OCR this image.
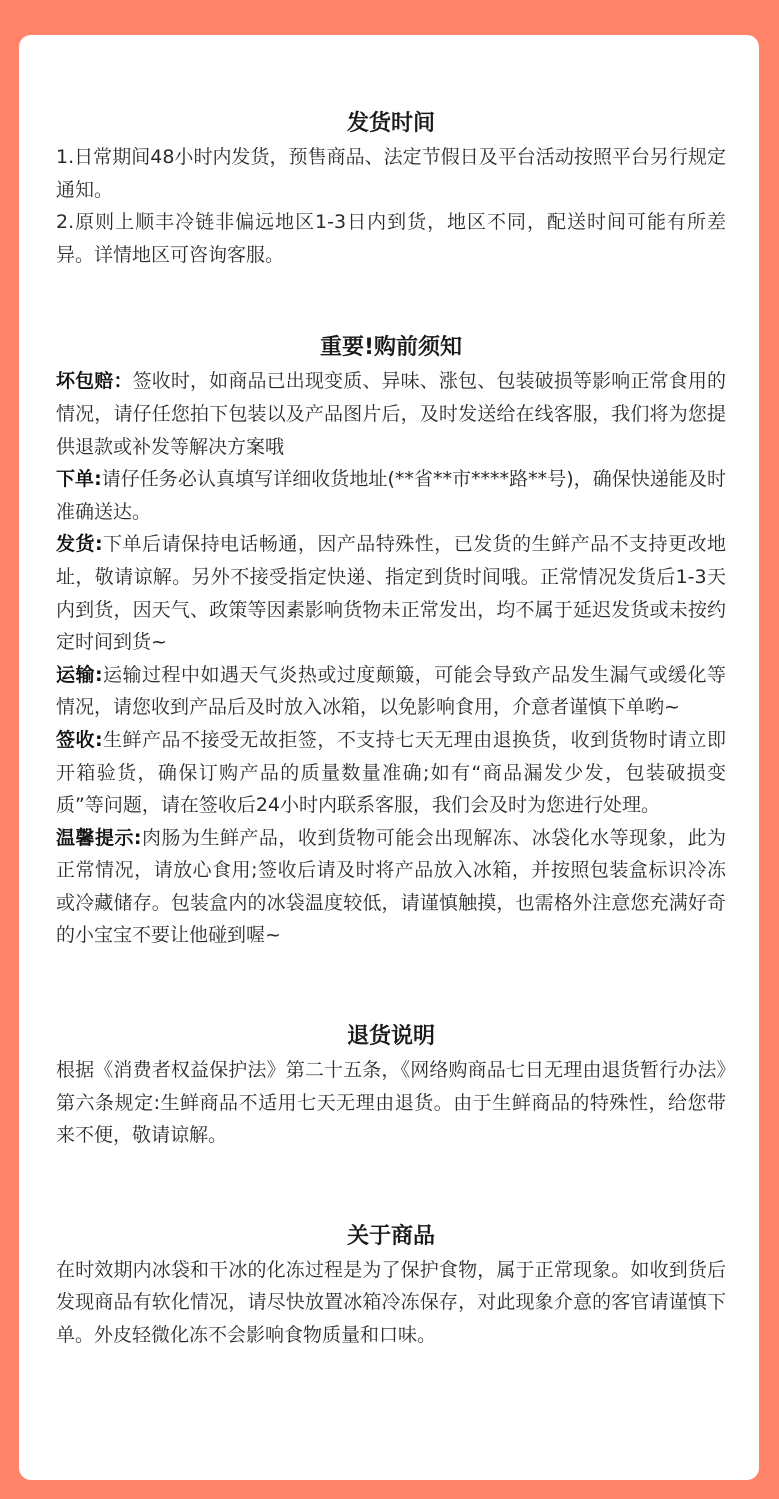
发货时间

1.日常期间48小时内发货，预售商品、法定节假日及平台活动按照平台另行规定通知。

2.原则上顺丰冷链非偏远地区1-3日内到货，地区不同，配送时间可能有所差异。详情地区可咨询客服。

重要!购前须知

坏包赔：签收时，如商品已出现变质、异味、涨包、包装破损等影响正常食用的情况，请仔任您拍下包装以及产品图片后，及时发送给在线客服，我们将为您提供退款或补发等解决方案哦

下单:请仔任务必认真填写详细收货地址(**省**市****路**号)，确保快递能及时准确送达。

发货:下单后请保持电话畅通，因产品特殊性，已发货的生鲜产品不支持更改地址，敬请谅解。另外不接受指定快递、指定到货时间哦。正常情况发货后1-3天内到货，因天气、政策等因素影响货物未正常发出，均不属于延迟发货或未按约定时间到货~

运输:运输过程中如遇天气炎热或过度颠簸，可能会导致产品发生漏气或缓化等情况，请您收到产品后及时放入冰箱，以免影响食用，介意者谨慎下单哟~

签收:生鲜产品不接受无故拒签，不支持七天无理由退换货，收到货物时请立即开箱验货，确保订购产品的质量数量准确;如有“商品漏发少发，包装破损变质”等问题，请在签收后24小时内联系客服，我们会及时为您进行处理。

温馨提示:肉肠为生鲜产品，收到货物可能会出现解冻、冰袋化水等现象，此为正常情况，请放心食用;签收后请及时将产品放入冰箱，并按照包装盒标识冷冻或冷藏储存。包装盒内的冰袋温度较低，请谨慎触摸，也需格外注意您充满好奇的小宝宝不要让他碰到喔~

退货说明

根据《消费者权益保护法》第二十五条，《网络购商品七日无理由退货暂行办法》第六条规定:生鲜商品不适用七天无理由退货。由于生鲜商品的特殊性，给您带来不便，敬请谅解。

关于商品

在时效期内冰袋和干冰的化冻过程是为了保护食物，属于正常现象。如收到货后发现商品有软化情况，请尽快放置冰箱冷冻保存，对此现象介意的客官请谨慎下单。外皮轻微化冻不会影响食物质量和口味。
